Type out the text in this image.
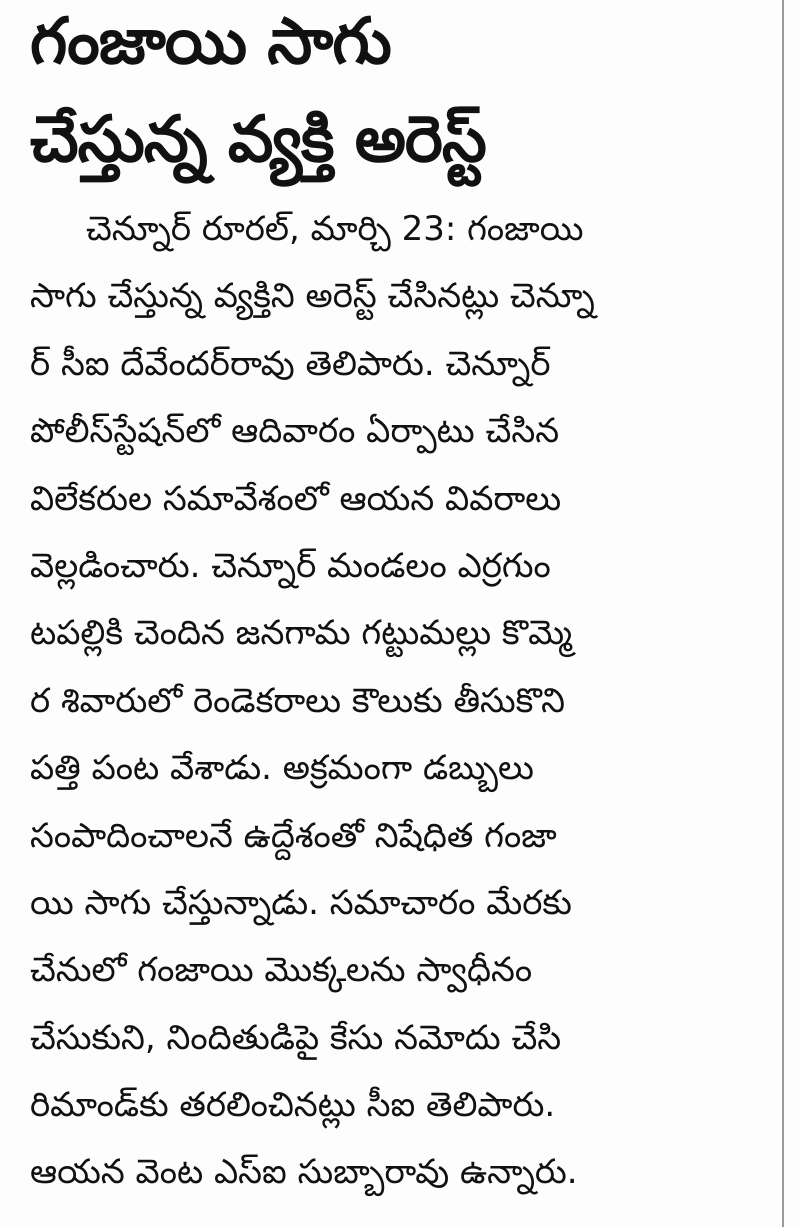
గంజాయి సాగు
చేస్తున్న వ్యక్తి అరెస్ట్
చెన్నూర్ రూరల్, మార్చి 23: గంజాయి
సాగు చేస్తున్న వ్యక్తిని అరెస్ట్ చేసినట్లు చెన్నూ
ర్ సీఐ దేవేందర్‌రావు తెలిపారు. చెన్నూర్
పోలీస్‌స్టేషన్‌లో ఆదివారం ఏర్పాటు చేసిన
విలేకరుల సమావేశంలో ఆయన వివరాలు
వెల్లడించారు. చెన్నూర్ మండలం ఎర్రగుం
టపల్లికి చెందిన జనగామ గట్టుమల్లు కొమ్మె
ర శివారులో రెండెకరాలు కౌలుకు తీసుకొని
పత్తి పంట వేశాడు. అక్రమంగా డబ్బులు
సంపాదించాలనే ఉద్దేశంతో నిషేధిత గంజా
యి సాగు చేస్తున్నాడు. సమాచారం మేరకు
చేనులో గంజాయి మొక్కలను స్వాధీనం
చేసుకుని, నిందితుడిపై కేసు నమోదు చేసి
రిమాండ్‌కు తరలించినట్లు సీఐ తెలిపారు.
ఆయన వెంట ఎస్ఐ సుబ్బారావు ఉన్నారు.
